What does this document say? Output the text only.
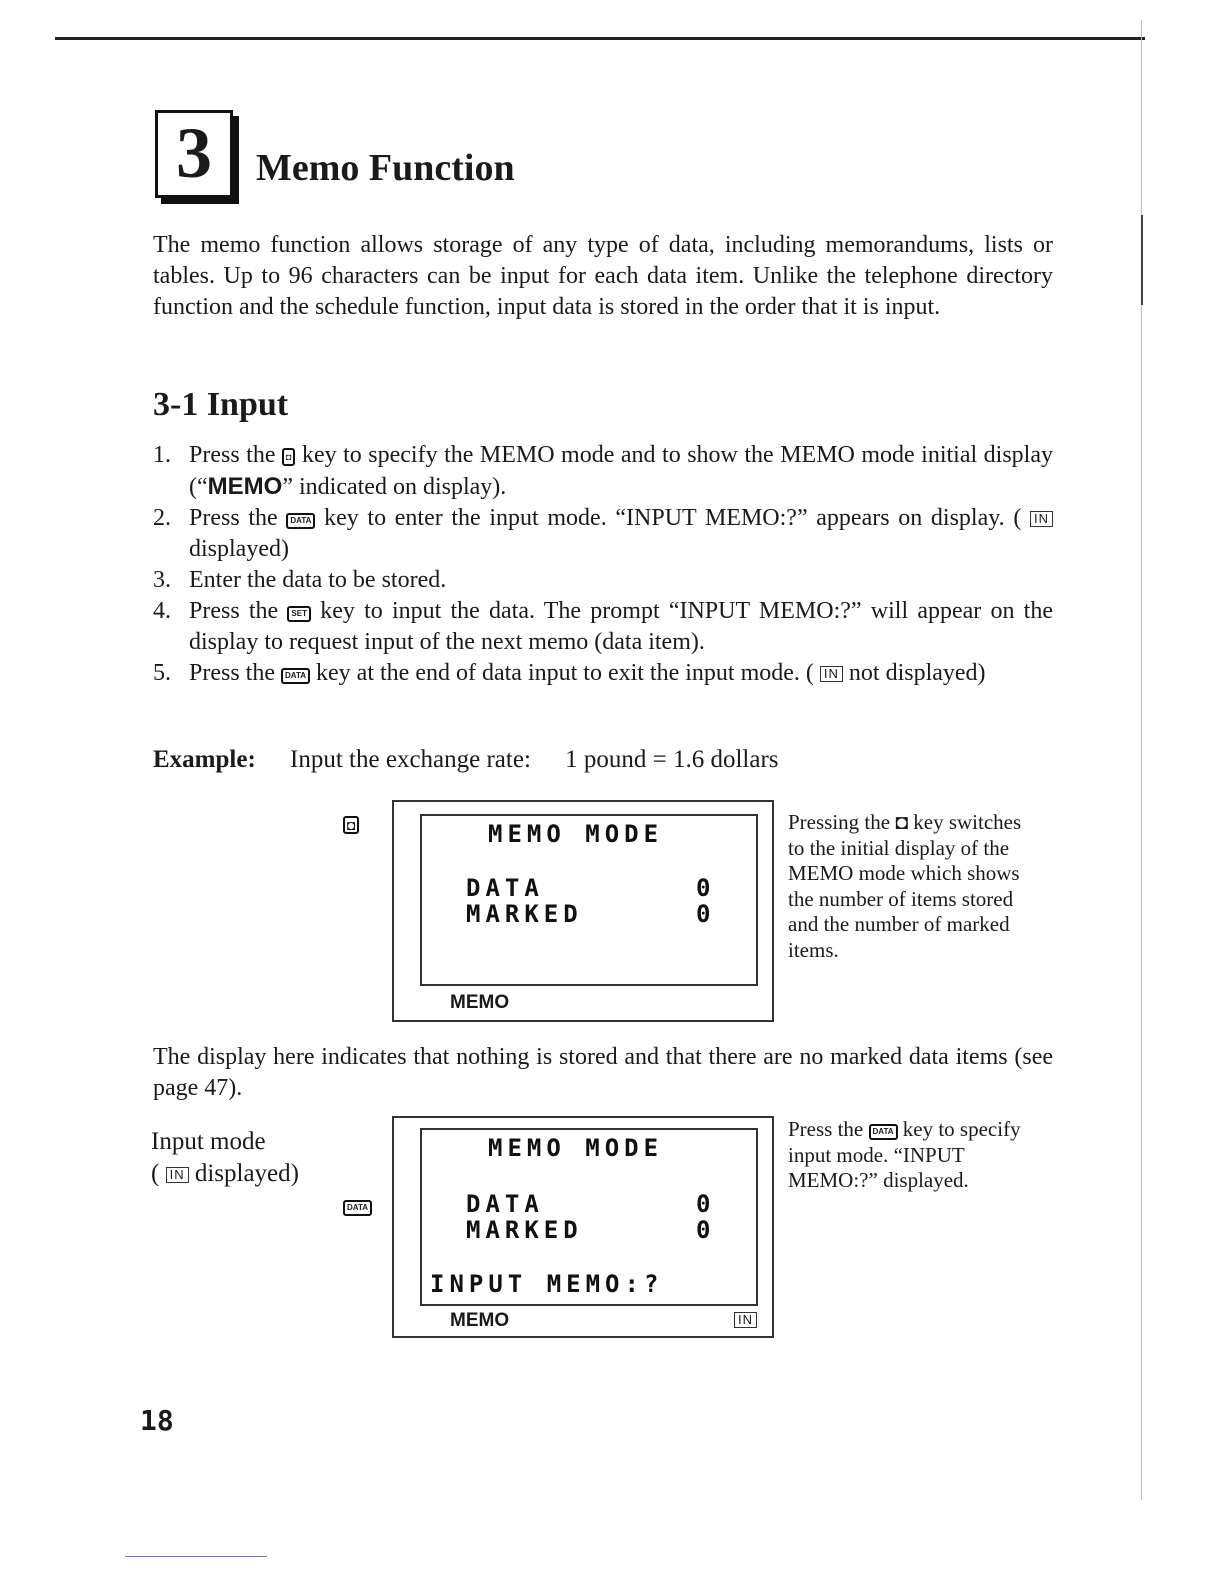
3	Memo Function
The memo function allows storage of any type of data, including memorandums, lists or tables. Up to 96 characters can be input for each data item. Unlike the telephone directory function and the schedule function, input data is stored in the order that it is input.
3-1 Input
1. Press the ◘ key to specify the MEMO mode and to show the MEMO mode initial display (“MEMO” indicated on display).
2. Press the DATA key to enter the input mode. “INPUT MEMO:?” appears on display. ( IN displayed)
3. Enter the data to be stored.
4. Press the SET key to input the data. The prompt “INPUT MEMO:?” will appear on the display to request input of the next memo (data item).
5. Press the DATA key at the end of data input to exit the input mode. ( IN not displayed)
Example: Input the exchange rate: 1 pound = 1.6 dollars
◘	MEMO MODE
DATA	0
MARKED	0
MEMO
Pressing the ◘ key switches to the initial display of the MEMO mode which shows the number of items stored and the number of marked items.
The display here indicates that nothing is stored and that there are no marked data items (see page 47).
Input mode
( IN displayed)
DATA
MEMO MODE
DATA	0
MARKED	0
INPUT MEMO:?
MEMO	IN
Press the DATA key to specify input mode. “INPUT MEMO:?” displayed.
18
